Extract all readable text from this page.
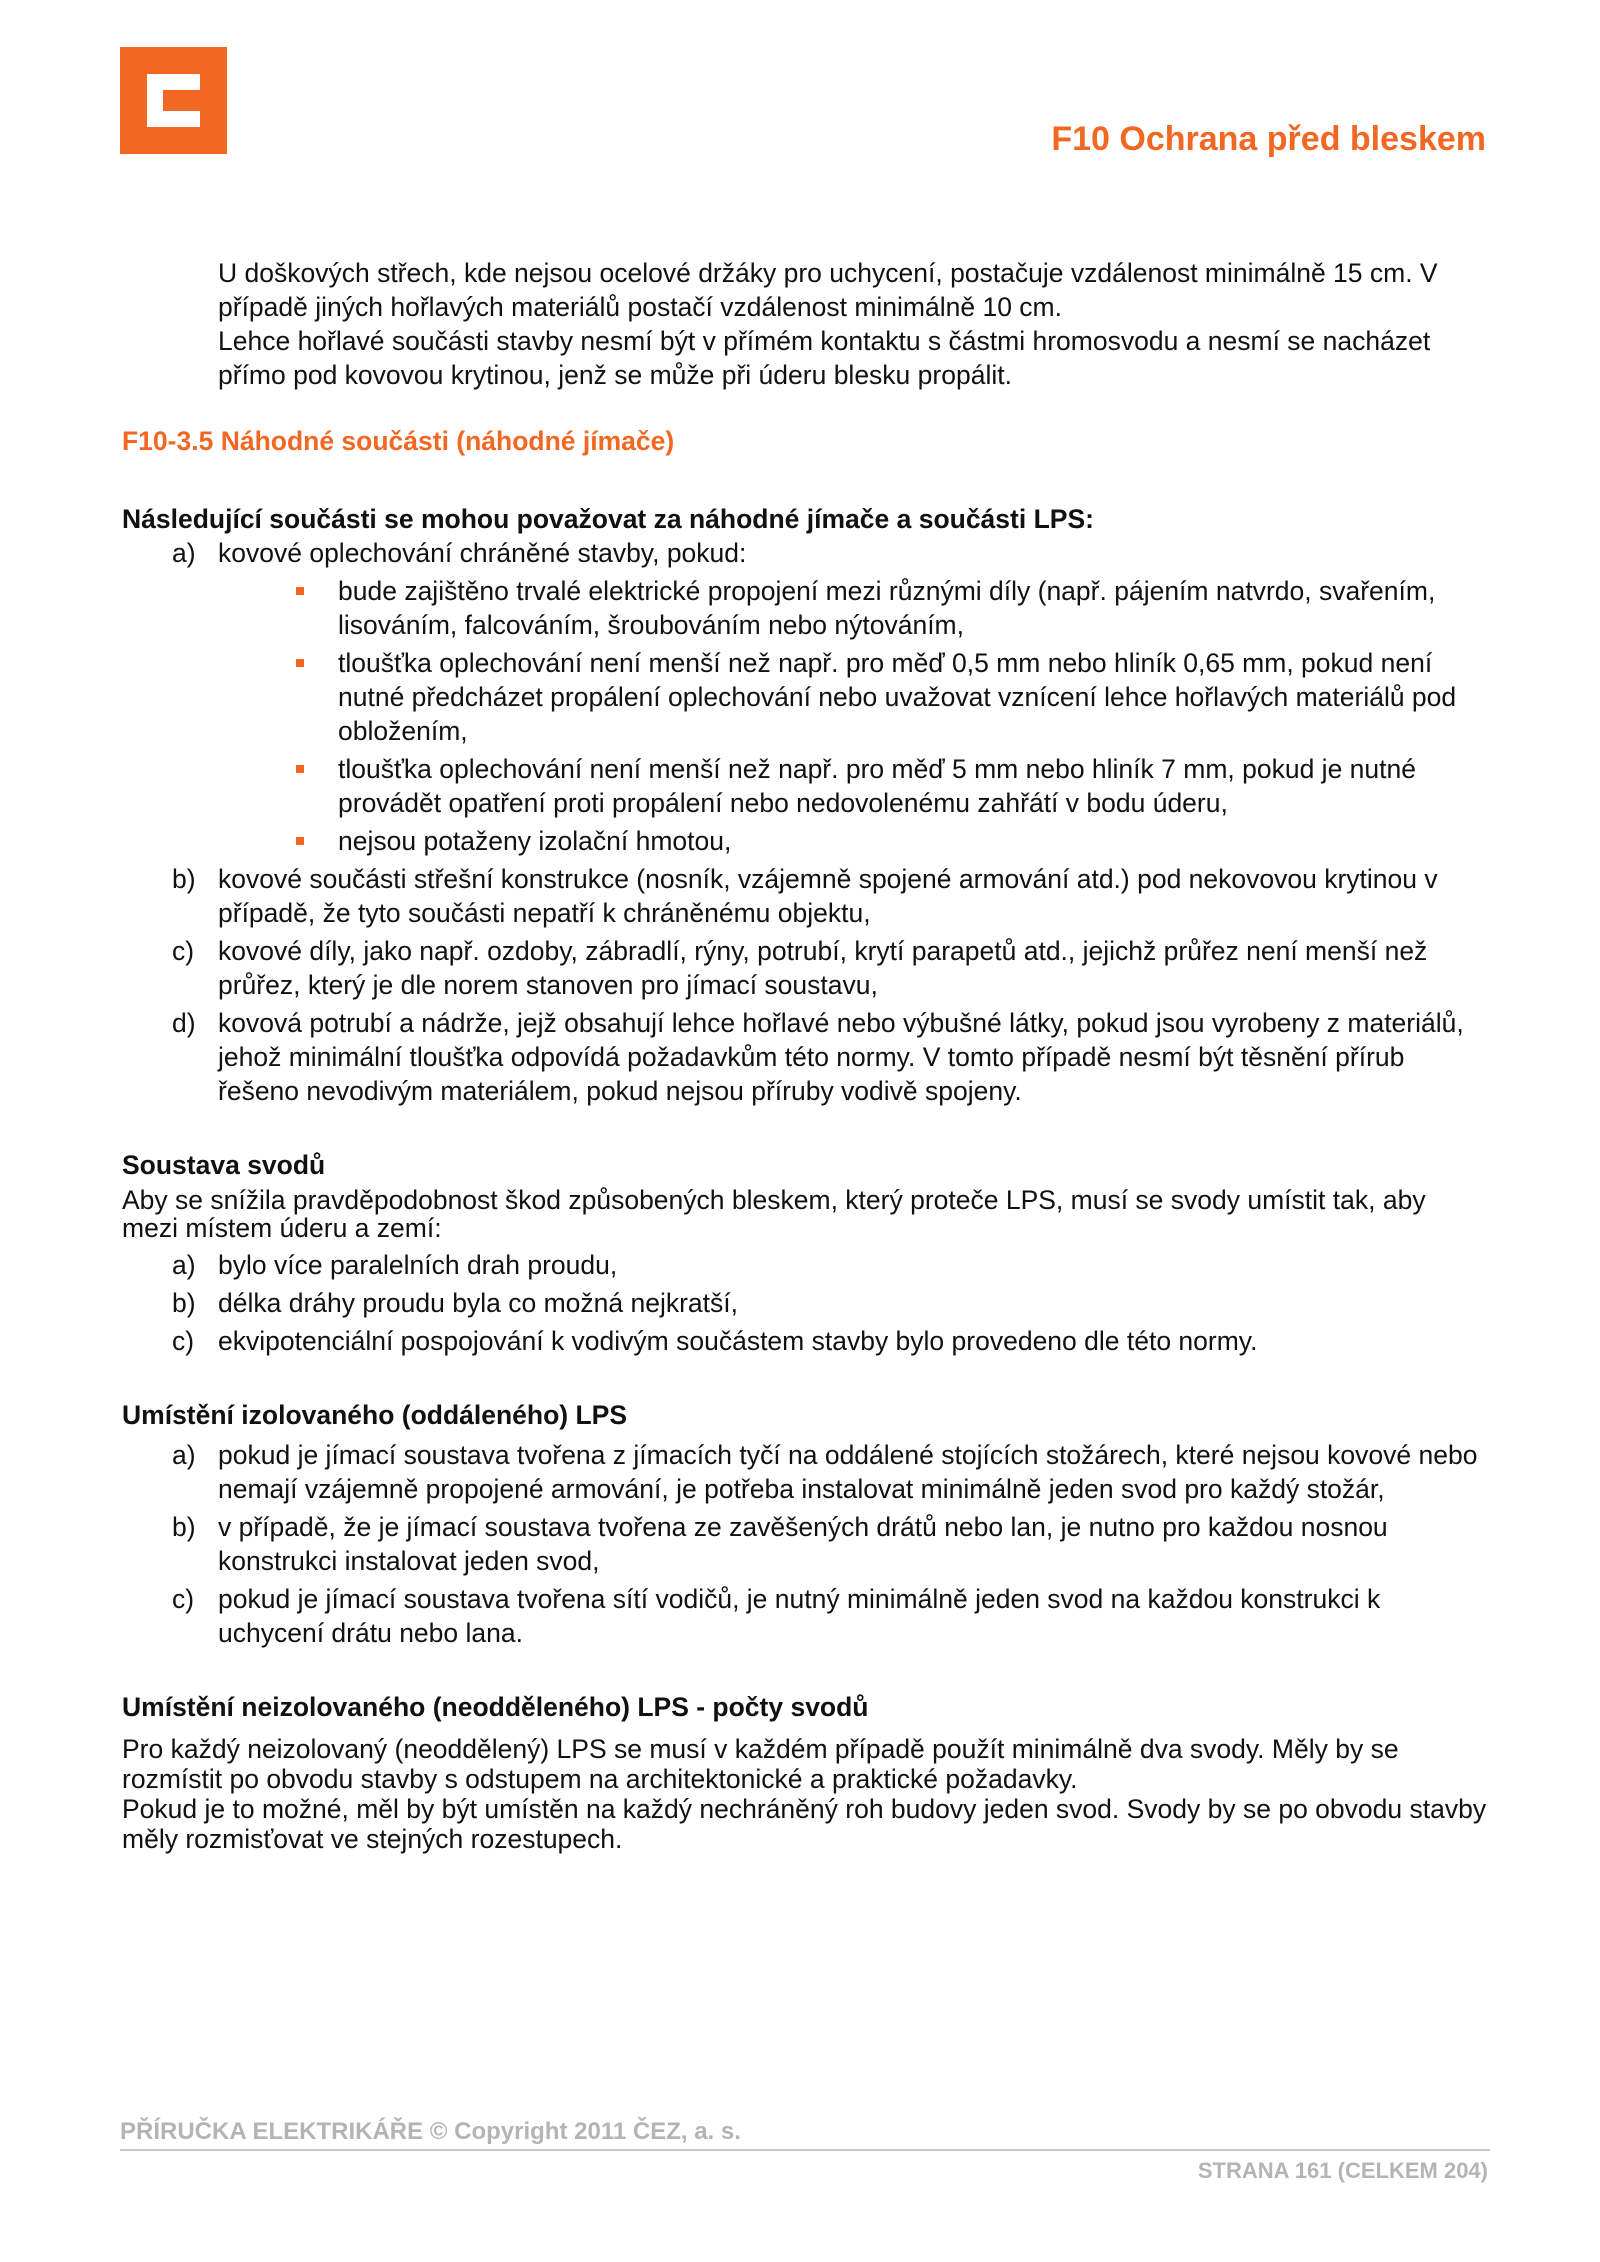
F10 Ochrana před bleskem

U doškových střech, kde nejsou ocelové držáky pro uchycení, postačuje vzdálenost minimálně 15 cm. V případě jiných hořlavých materiálů postačí vzdálenost minimálně 10 cm.

Lehce hořlavé součásti stavby nesmí být v přímém kontaktu s částmi hromosvodu a nesmí se nacházet přímo pod kovovou krytinou, jenž se může při úderu blesku propálit.

F10-3.5 Náhodné součásti (náhodné jímače)

Následující součásti se mohou považovat za náhodné jímače a součásti LPS:

a) kovové oplechování chráněné stavby, pokud:
bude zajištěno trvalé elektrické propojení mezi různými díly (např. pájením natvrdo, svařením, lisováním, falcováním, šroubováním nebo nýtováním,
tloušťka oplechování není menší než např. pro měď 0,5 mm nebo hliník 0,65 mm, pokud není nutné předcházet propálení oplechování nebo uvažovat vznícení lehce hořlavých materiálů pod obložením,
tloušťka oplechování není menší než např. pro měď 5 mm nebo hliník 7 mm, pokud je nutné provádět opatření proti propálení nebo nedovolenému zahřátí v bodu úderu,
nejsou potaženy izolační hmotou,
b) kovové součásti střešní konstrukce (nosník, vzájemně spojené armování atd.) pod nekovovou krytinou v případě, že tyto součásti nepatří k chráněnému objektu,
c) kovové díly, jako např. ozdoby, zábradlí, rýny, potrubí, krytí parapetů atd., jejichž průřez není menší než průřez, který je dle norem stanoven pro jímací soustavu,
d) kovová potrubí a nádrže, jejž obsahují lehce hořlavé nebo výbušné látky, pokud jsou vyrobeny z materiálů, jehož minimální tloušťka odpovídá požadavkům této normy. V tomto případě nesmí být těsnění přírub řešeno nevodivým materiálem, pokud nejsou příruby vodivě spojeny.

Soustava svodů

Aby se snížila pravděpodobnost škod způsobených bleskem, který proteče LPS, musí se svody umístit tak, aby mezi místem úderu a zemí:

a) bylo více paralelních drah proudu,
b) délka dráhy proudu byla co možná nejkratší,
c) ekvipotenciální pospojování k vodivým součástem stavby bylo provedeno dle této normy.

Umístění izolovaného (oddáleného) LPS

a) pokud je jímací soustava tvořena z jímacích tyčí na oddálené stojících stožárech, které nejsou kovové nebo nemají vzájemně propojené armování, je potřeba instalovat minimálně jeden svod pro každý stožár,
b) v případě, že je jímací soustava tvořena ze zavěšených drátů nebo lan, je nutno pro každou nosnou konstrukci instalovat jeden svod,
c) pokud je jímací soustava tvořena sítí vodičů, je nutný minimálně jeden svod na každou konstrukci k uchycení drátu nebo lana.

Umístění neizolovaného (neodděleného) LPS - počty svodů

Pro každý neizolovaný (neoddělený) LPS se musí v každém případě použít minimálně dva svody. Měly by se rozmístit po obvodu stavby s odstupem na architektonické a praktické požadavky.

Pokud je to možné, měl by být umístěn na každý nechráněný roh budovy jeden svod. Svody by se po obvodu stavby měly rozmisťovat ve stejných rozestupech.

PŘÍRUČKA ELEKTRIKÁŘE © Copyright 2011 ČEZ, a. s.
STRANA 161 (CELKEM 204)
